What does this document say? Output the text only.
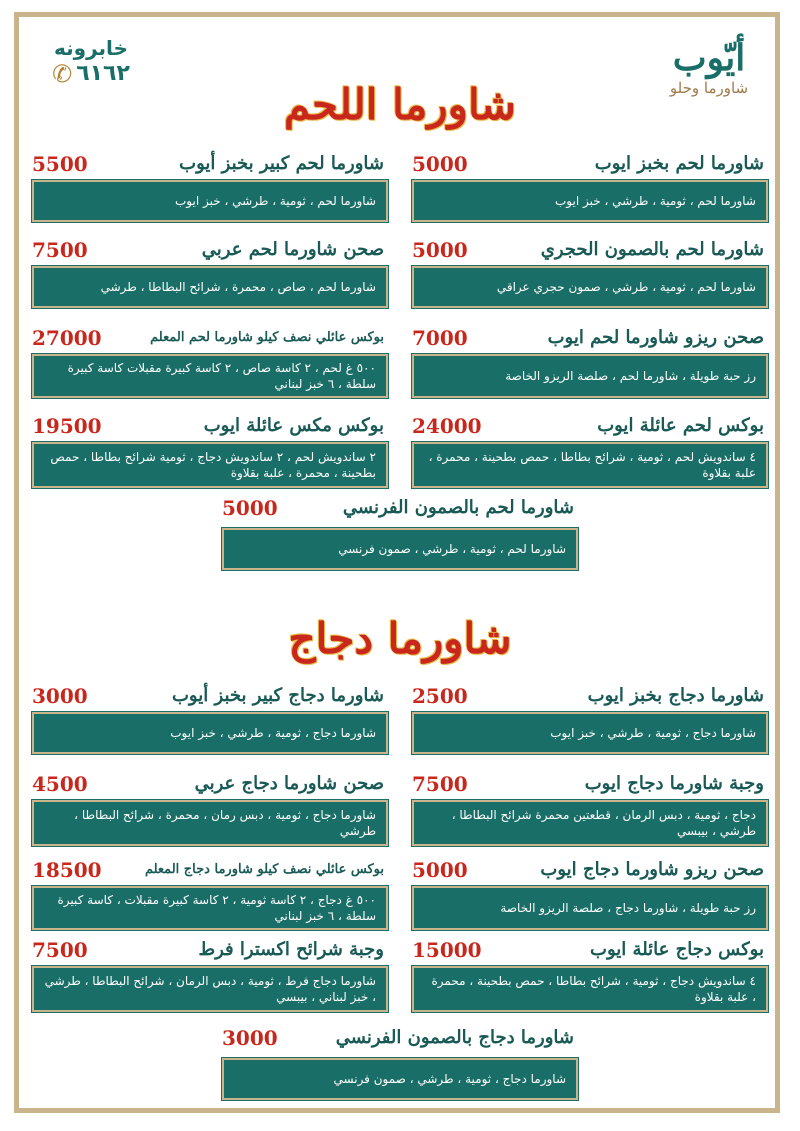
أيّوب
شاورما وحلو
خابرونه
✆ ٦١٦٢
شاورما اللحم
شاورما لحم بخبز ايوب
5000
شاورما لحم ، ثومية ، طرشي ، خبز ايوب
شاورما لحم كبير بخبز أيوب
5500
شاورما لحم ، ثومية ، طرشي ، خبز ايوب
شاورما لحم بالصمون الحجري
5000
شاورما لحم ، ثومية ، طرشي ، صمون حجري عراقي
صحن شاورما لحم عربي
7500
شاورما لحم ، صاص ، محمرة ، شرائح البطاطا ، طرشي
صحن ريزو شاورما لحم ايوب
7000
رز حبة طويلة ، شاورما لحم ، صلصة الريزو الخاصة
بوكس عائلي نصف كيلو شاورما لحم المعلم
27000
٥٠٠ غ لحم ، ٢ كاسة صاص ، ٢ كاسة كبيرة مقبلات كاسة كبيرة سلطة ، ٦ خبز لبناني
بوكس لحم عائلة ايوب
24000
٤ ساندويش لحم ، ثومية ، شرائح بطاطا ، حمص بطحينة ، محمرة ، علبة بقلاوة
بوكس مكس عائلة ايوب
19500
٢ ساندويش لحم ، ٢ ساندويش دجاج ، ثومية شرائح بطاطا ، حمص بطحينة ، محمرة ، علبة بقلاوة
شاورما لحم بالصمون الفرنسي
5000
شاورما لحم ، ثومية ، طرشي ، صمون فرنسي
شاورما دجاج
شاورما دجاج بخبز ايوب
2500
شاورما دجاج ، ثومية ، طرشي ، خبز ايوب
شاورما دجاج كبير بخبز أيوب
3000
شاورما دجاج ، ثومية ، طرشي ، خبز ايوب
وجبة شاورما دجاج ايوب
7500
دجاج ، ثومية ، دبس الرمان ، قطعتين محمرة شرائح البطاطا ، طرشي ، بيبسي
صحن شاورما دجاج عربي
4500
شاورما دجاج ، ثومية ، دبس رمان ، محمرة ، شرائح البطاطا ، طرشي
صحن ريزو شاورما دجاج ايوب
5000
رز حبة طويلة ، شاورما دجاج ، صلصة الريزو الخاصة
بوكس عائلي نصف كيلو شاورما دجاج المعلم
18500
٥٠٠ غ دجاج ، ٢ كاسة ثومية ، ٢ كاسة كبيرة مقبلات ، كاسة كبيرة سلطة ، ٦ خبز لبناني
بوكس دجاج عائلة ايوب
15000
٤ ساندويش دجاج ، ثومية ، شرائح بطاطا ، حمص بطحينة ، محمرة ، علبة بقلاوة
وجبة شرائح اكسترا فرط
7500
شاورما دجاج فرط ، ثومية ، دبس الرمان ، شرائح البطاطا ، طرشي ، خبز لبناني ، بيبسي
شاورما دجاج بالصمون الفرنسي
3000
شاورما دجاج ، ثومية ، طرشي ، صمون فرنسي
